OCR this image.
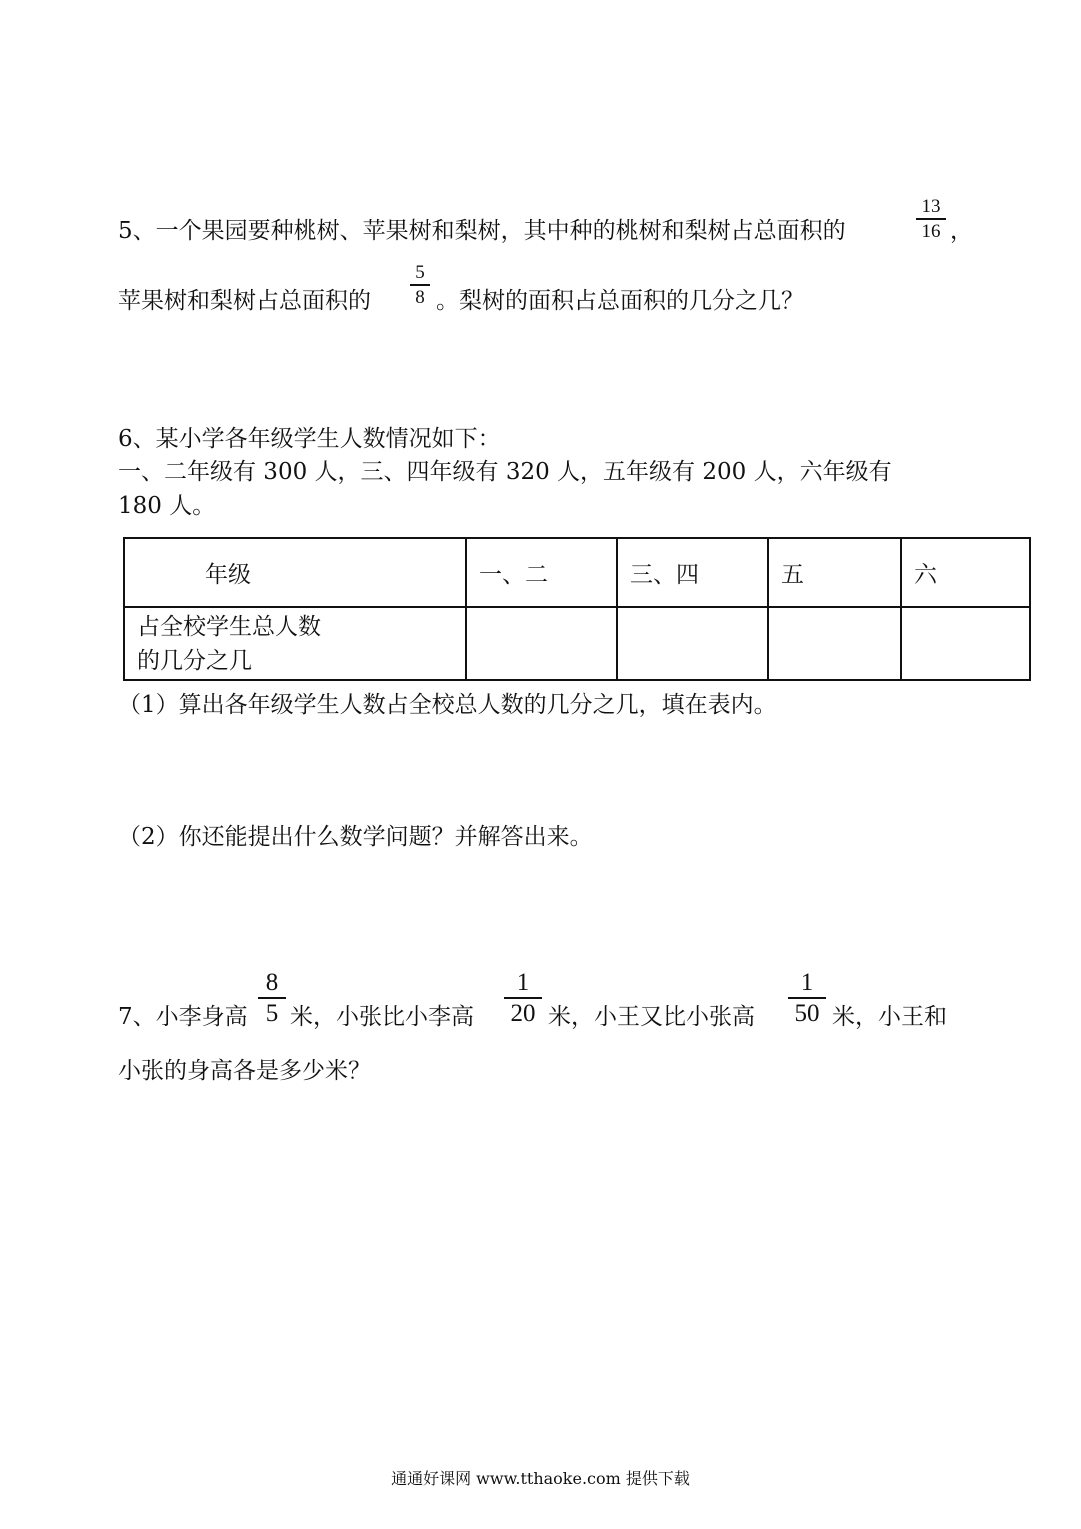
5、一个果园要种桃树、苹果树和梨树，其中种的桃树和梨树占总面积的
13
16 ，
苹果树和梨树占总面积的
5
8 。梨树的面积占总面积的几分之几？
6、某小学各年级学生人数情况如下：
一、二年级有 300 人，三、四年级有 320 人，五年级有 200 人，六年级有
180 人。
年级	一、二	三、四	五	六
占全校学生总人数
的几分之几				
（1）算出各年级学生人数占全校总人数的几分之几，填在表内。
（2）你还能提出什么数学问题？并解答出来。
7、小李身高
8
5 米，小张比小李高
1
20 米，小王又比小张高
1
50 米，小王和
小张的身高各是多少米？
通通好课网 www.tthaoke.com 提供下载
